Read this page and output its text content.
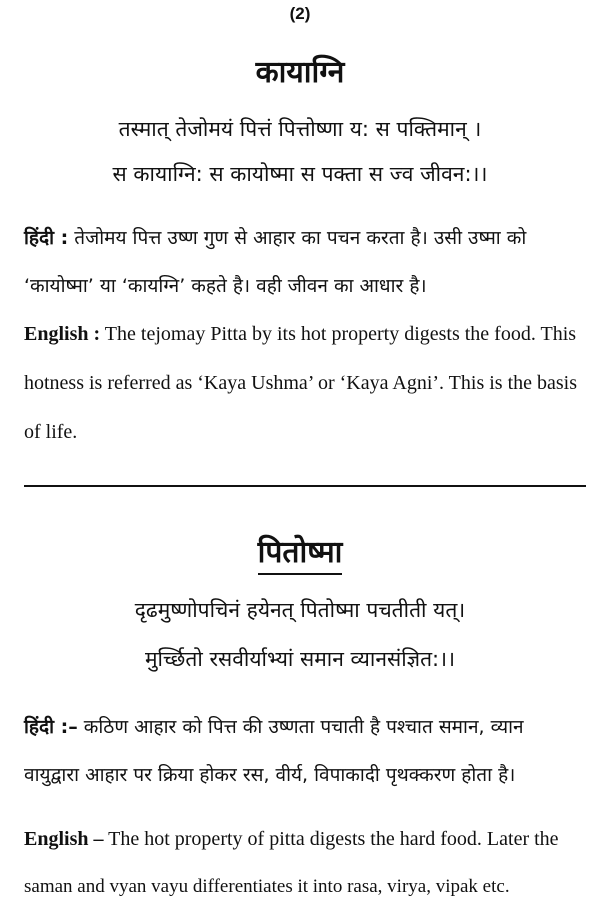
(2)
कायाग्नि
तस्मात् तेजोमयं पित्तं पित्तोष्णा य: स पक्तिमान् ।
स कायाग्नि: स कायोष्मा स पक्ता स ज्व जीवन:।।
हिंदी : तेजोमय पित्त उष्ण गुण से आहार का पचन करता है। उसी उष्मा को
‘कायोष्मा’ या ‘कायग्नि’ कहते है। वही जीवन का आधार है।
English : The tejomay Pitta by its hot property digests the food. This
hotness is referred as ‘Kaya Ushma’ or ‘Kaya Agni’. This is the basis
of life.
पितोष्मा
दृढमुष्णोपचिनं हयेनत् पितोष्मा पचतीती यत्।
मुर्च्छितो रसवीर्याभ्यां समान व्यानसंज्ञित:।।
हिंदी :– कठिण आहार को पित्त की उष्णता पचाती है पश्चात समान, व्यान
वायुद्वारा आहार पर क्रिया होकर रस, वीर्य, विपाकादी पृथक्करण होता है।
English – The hot property of pitta digests the hard food. Later the
saman and vyan vayu differentiates it into rasa, virya, vipak etc.
